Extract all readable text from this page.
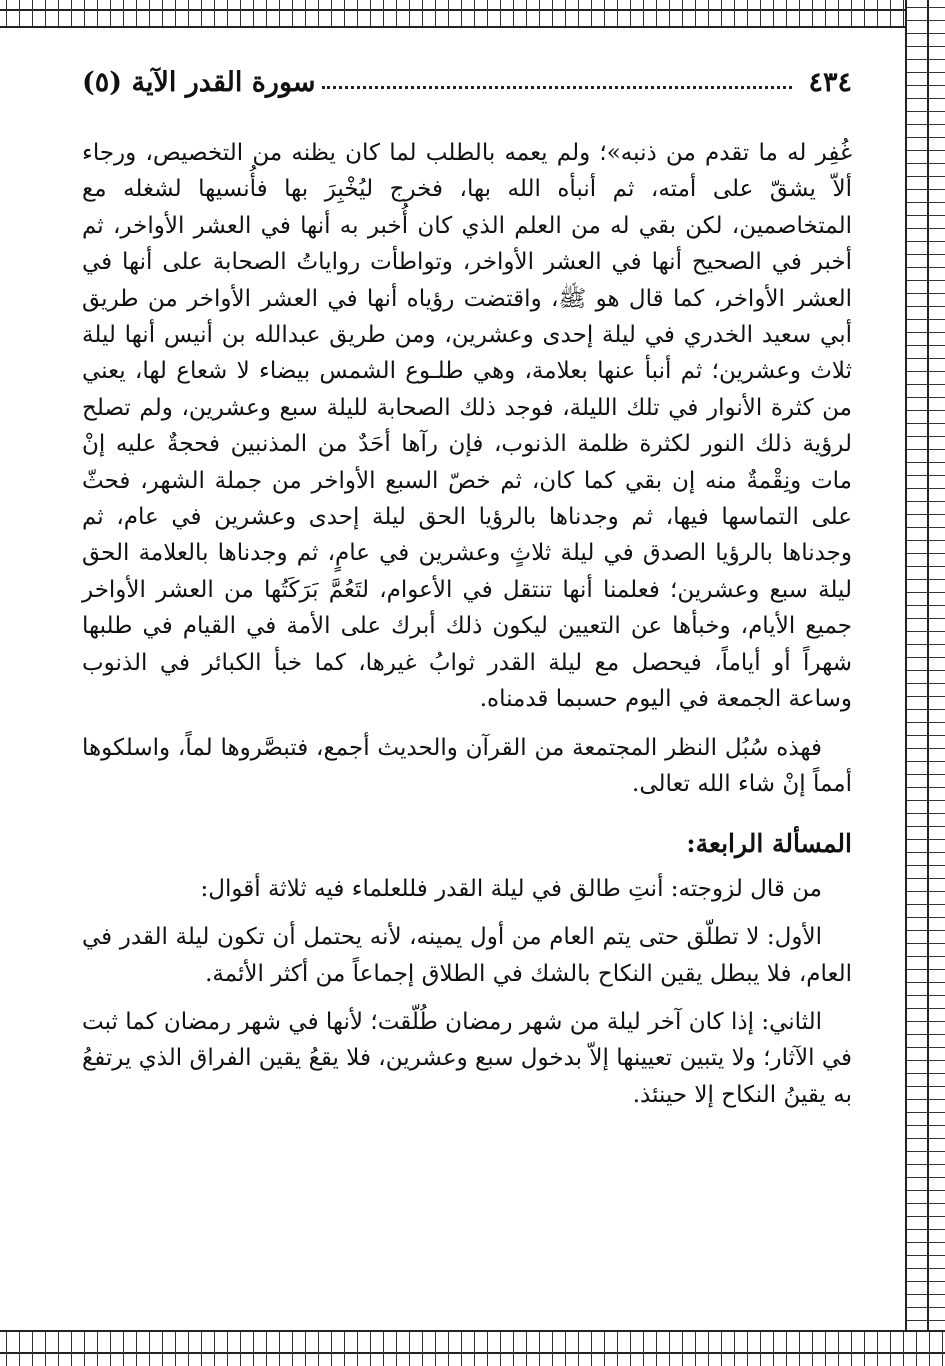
٤٣٤
سورة القدر الآية (٥)

غُفِر له ما تقدم من ذنبه»؛ ولم يعمه بالطلب لما كان يظنه من التخصيص، ورجاء ألاّ يشقّ على أمته، ثم أنبأه الله بها، فخرج ليُخْبِرَ بها فأُنسيها لشغله مع المتخاصمين، لكن بقي له من العلم الذي كان أُخبر به أنها في العشر الأواخر، ثم أخبر في الصحيح أنها في العشر الأواخر، وتواطأت رواياتُ الصحابة على أنها في العشر الأواخر، كما قال هو ﷺ، واقتضت رؤياه أنها في العشر الأواخر من طريق أبي سعيد الخدري في ليلة إحدى وعشرين، ومن طريق عبدالله بن أنيس أنها ليلة ثلاث وعشرين؛ ثم أنبأ عنها بعلامة، وهي طلـوع الشمس بيضاء لا شعاع لها، يعني من كثرة الأنوار في تلك الليلة، فوجد ذلك الصحابة لليلة سبع وعشرين، ولم تصلح لرؤية ذلك النور لكثرة ظلمة الذنوب، فإن رآها أحَدٌ من المذنبين فحجةٌ عليه إنْ مات ونِقْمةٌ منه إن بقي كما كان، ثم خصّ السبع الأواخر من جملة الشهر، فحثّ على التماسها فيها، ثم وجدناها بالرؤيا الحق ليلة إحدى وعشرين في عام، ثم وجدناها بالرؤيا الصدق في ليلة ثلاثٍ وعشرين في عامٍ، ثم وجدناها بالعلامة الحق ليلة سبع وعشرين؛ فعلمنا أنها تنتقل في الأعوام، لتَعُمَّ بَرَكَتُها من العشر الأواخر جميع الأيام، وخبأها عن التعيين ليكون ذلك أبرك على الأمة في القيام في طلبها شهراً أو أياماً، فيحصل مع ليلة القدر ثوابُ غيرها، كما خبأ الكبائر في الذنوب وساعة الجمعة في اليوم حسبما قدمناه.

فهذه سُبُل النظر المجتمعة من القرآن والحديث أجمع، فتبصَّروها لماً، واسلكوها أمماً إنْ شاء الله تعالى.

المسألة الرابعة:

من قال لزوجته: أنتِ طالق في ليلة القدر فللعلماء فيه ثلاثة أقوال:

الأول: لا تطلّق حتى يتم العام من أول يمينه، لأنه يحتمل أن تكون ليلة القدر في العام، فلا يبطل يقين النكاح بالشك في الطلاق إجماعاً من أكثر الأئمة.

الثاني: إذا كان آخر ليلة من شهر رمضان طُلّقت؛ لأنها في شهر رمضان كما ثبت في الآثار؛ ولا يتبين تعيينها إلاّ بدخول سبع وعشرين، فلا يقعُ يقين الفراق الذي يرتفعُ به يقينُ النكاح إلا حينئذ.
